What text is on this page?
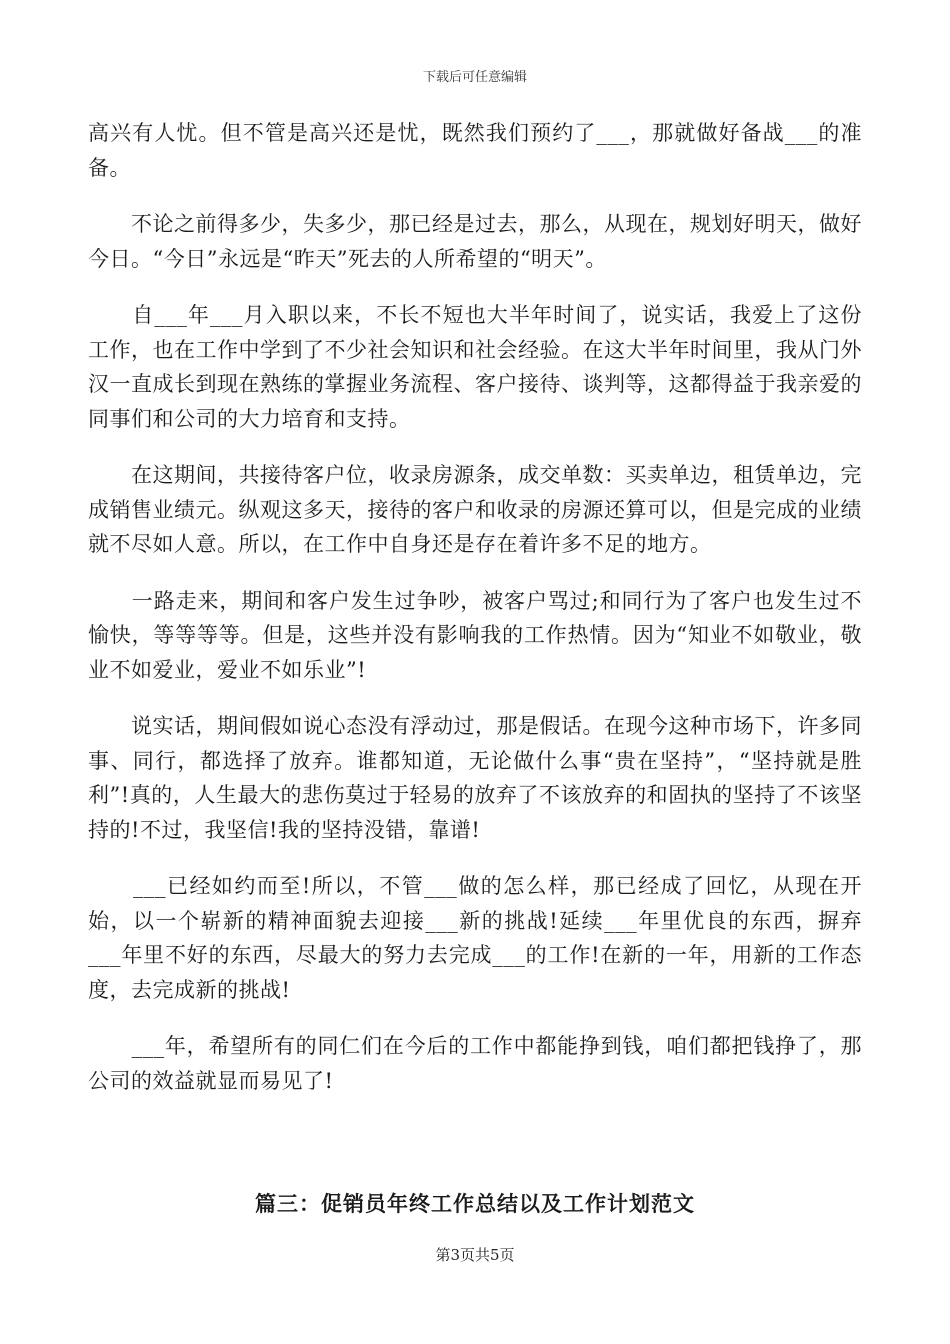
下载后可任意编辑

高兴有人忧。但不管是高兴还是忧，既然我们预约了___，那就做好备战___的准备。

　　不论之前得多少，失多少，那已经是过去，那么，从现在，规划好明天，做好今日。“今日”永远是“昨天”死去的人所希望的“明天”。

　　自___年___月入职以来，不长不短也大半年时间了，说实话，我爱上了这份工作，也在工作中学到了不少社会知识和社会经验。在这大半年时间里，我从门外汉一直成长到现在熟练的掌握业务流程、客户接待、谈判等，这都得益于我亲爱的同事们和公司的大力培育和支持。

　　在这期间，共接待客户位，收录房源条，成交单数：买卖单边，租赁单边，完成销售业绩元。纵观这多天，接待的客户和收录的房源还算可以，但是完成的业绩就不尽如人意。所以，在工作中自身还是存在着许多不足的地方。

　　一路走来，期间和客户发生过争吵，被客户骂过;和同行为了客户也发生过不愉快，等等等等。但是，这些并没有影响我的工作热情。因为“知业不如敬业，敬业不如爱业，爱业不如乐业”!

　　说实话，期间假如说心态没有浮动过，那是假话。在现今这种市场下，许多同事、同行，都选择了放弃。谁都知道，无论做什么事“贵在坚持”，“坚持就是胜利”!真的，人生最大的悲伤莫过于轻易的放弃了不该放弃的和固执的坚持了不该坚持的!不过，我坚信!我的坚持没错，靠谱!

　　___已经如约而至!所以，不管___做的怎么样，那已经成了回忆，从现在开始，以一个崭新的精神面貌去迎接___新的挑战!延续___年里优良的东西，摒弃___年里不好的东西，尽最大的努力去完成___的工作!在新的一年，用新的工作态度，去完成新的挑战!

　　___年，希望所有的同仁们在今后的工作中都能挣到钱，咱们都把钱挣了，那公司的效益就显而易见了!

篇三：促销员年终工作总结以及工作计划范文
第3页共5页
